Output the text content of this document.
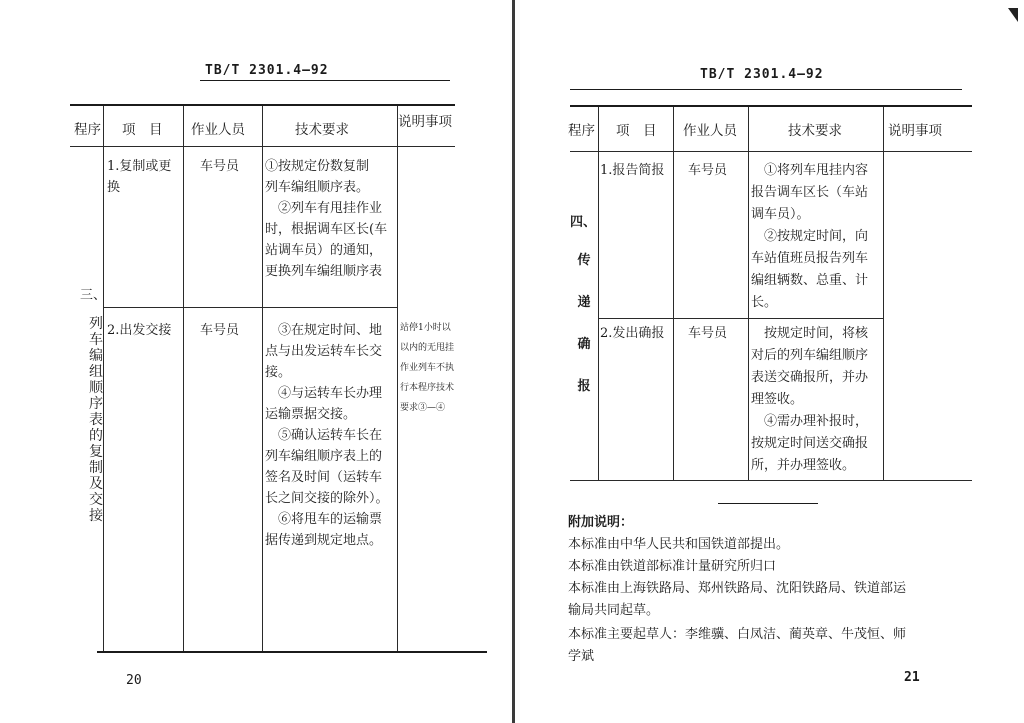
TB/T 2301.4—92
程序 项　目 作业人员	技术要求	说明事项
三、
列车编组顺序表的复制及交接
1.复制或更
换
车号员 ①按规定份数复制
列车编组顺序表。
　②列车有甩挂作业
时，根据调车区长(车
站调车员）的通知，
更换列车编组顺序表
2.出发交接 车号员 　③在规定时间、地
点与出发运转车长交
接。
　④与运转车长办理
运输票据交接。
　⑤确认运转车长在
列车编组顺序表上的
签名及时间（运转车
长之间交接的除外）。
　⑥将甩车的运输票
据传递到规定地点。
站停1小时以
以内的无甩挂
作业列车不执
行本程序技术
要求③—④
20
TB/T 2301.4—92
程序 项　目 作业人员	技术要求	说明事项
四、
传递确报
1.报告简报 车号员 　①将列车甩挂内容
报告调车区长（车站
调车员）。
　②按规定时间，向
车站值班员报告列车
编组辆数、总重、计
长。
2.发出确报 车号员 　按规定时间，将核
对后的列车编组顺序
表送交确报所，并办
理签收。
　④需办理补报时，
按规定时间送交确报
所，并办理签收。
附加说明：
本标准由中华人民共和国铁道部提出。
本标准由铁道部标准计量研究所归口
本标准由上海铁路局、郑州铁路局、沈阳铁路局、铁道部运
输局共同起草。
本标准主要起草人：李维骥、白凤洁、蔺英章、牛茂恒、师
学斌
21
